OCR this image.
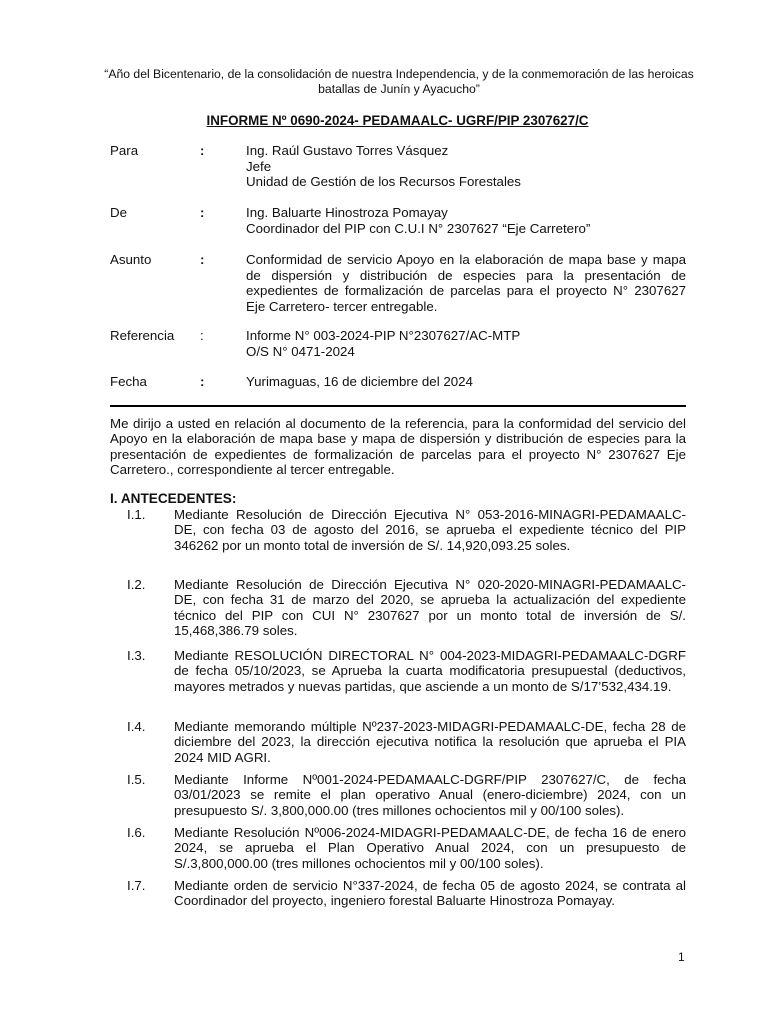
“Año del Bicentenario, de la consolidación de nuestra Independencia, y de la conmemoración de las heroicas batallas de Junín y Ayacucho”
INFORME Nº 0690-2024- PEDAMAALC- UGRF/PIP 2307627/C
Para	:	Ing. Raúl Gustavo Torres Vásquez
Jefe
Unidad de Gestión de los Recursos Forestales
De	:	Ing. Baluarte Hinostroza Pomayay
Coordinador del PIP con C.U.I N° 2307627 “Eje Carretero”
Asunto	:	Conformidad de servicio Apoyo en la elaboración de mapa base y mapa de dispersión y distribución de especies para la presentación de expedientes de formalización de parcelas para el proyecto N° 2307627 Eje Carretero- tercer entregable.
Referencia :	Informe N° 003-2024-PIP N°2307627/AC-MTP
O/S N° 0471-2024
Fecha	:	Yurimaguas, 16 de diciembre del 2024
Me dirijo a usted en relación al documento de la referencia, para la conformidad del servicio del Apoyo en la elaboración de mapa base y mapa de dispersión y distribución de especies para la presentación de expedientes de formalización de parcelas para el proyecto N° 2307627 Eje Carretero., correspondiente al tercer entregable.
I. ANTECEDENTES:
I.1. Mediante Resolución de Dirección Ejecutiva N° 053-2016-MINAGRI-PEDAMAALC-DE, con fecha 03 de agosto del 2016, se aprueba el expediente técnico del PIP 346262 por un monto total de inversión de S/. 14,920,093.25 soles.
I.2. Mediante Resolución de Dirección Ejecutiva N° 020-2020-MINAGRI-PEDAMAALC-DE, con fecha 31 de marzo del 2020, se aprueba la actualización del expediente técnico del PIP con CUI N° 2307627 por un monto total de inversión de S/. 15,468,386.79 soles.
I.3. Mediante RESOLUCIÓN DIRECTORAL N° 004-2023-MIDAGRI-PEDAMAALC-DGRF de fecha 05/10/2023, se Aprueba la cuarta modificatoria presupuestal (deductivos, mayores metrados y nuevas partidas, que asciende a un monto de S/17’532,434.19.
I.4. Mediante memorando múltiple Nº237-2023-MIDAGRI-PEDAMAALC-DE, fecha 28 de diciembre del 2023, la dirección ejecutiva notifica la resolución que aprueba el PIA 2024 MID AGRI.
I.5. Mediante Informe Nº001-2024-PEDAMAALC-DGRF/PIP 2307627/C, de fecha 03/01/2023 se remite el plan operativo Anual (enero-diciembre) 2024, con un presupuesto S/. 3,800,000.00 (tres millones ochocientos mil y 00/100 soles).
I.6. Mediante Resolución Nº006-2024-MIDAGRI-PEDAMAALC-DE, de fecha 16 de enero 2024, se aprueba el Plan Operativo Anual 2024, con un presupuesto de S/.3,800,000.00 (tres millones ochocientos mil y 00/100 soles).
I.7. Mediante orden de servicio N°337-2024, de fecha 05 de agosto 2024, se contrata al Coordinador del proyecto, ingeniero forestal Baluarte Hinostroza Pomayay.
1
